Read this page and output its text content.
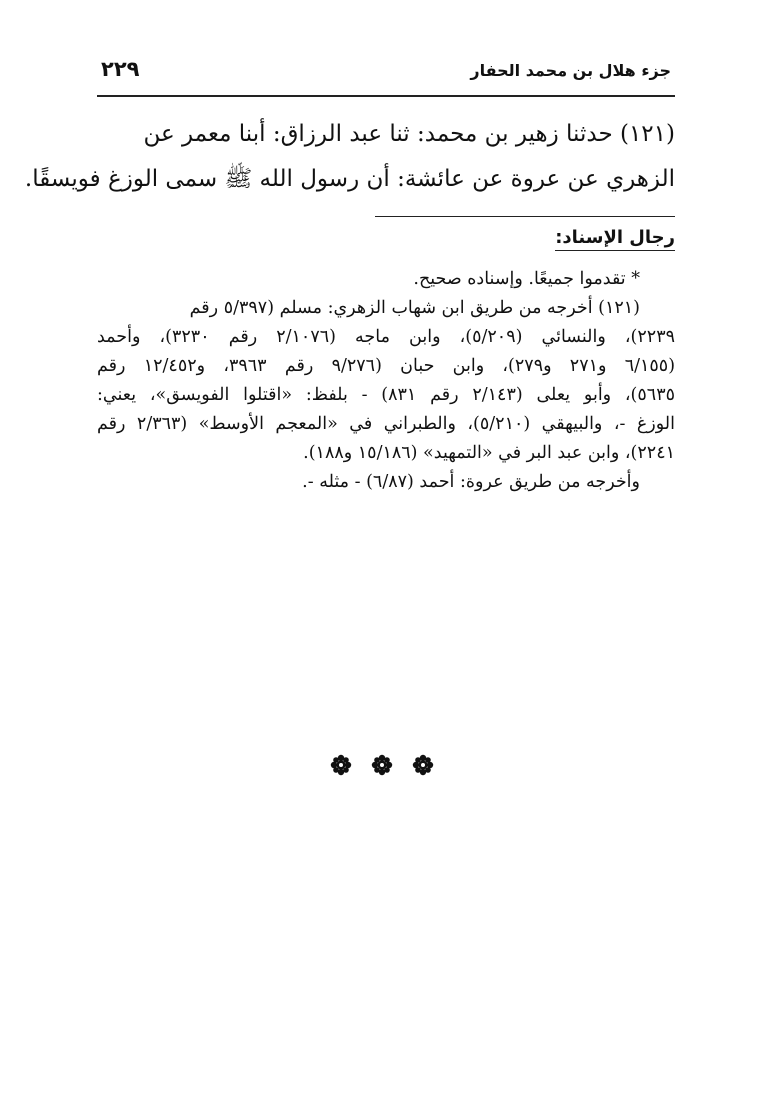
جزء هلال بن محمد الحفار
٢٢٩
(١٢١) حدثنا زهير بن محمد: ثنا عبد الرزاق: أبنا معمر عن
الزهري عن عروة عن عائشة: أن رسول الله ﷺ سمى الوزغ فويسقًا.
رجال الإسناد:
* تقدموا جميعًا. وإسناده صحيح.
(١٢١) أخرجه من طريق ابن شهاب الزهري: مسلم (٥/٣٩٧ رقم
٢٢٣٩)، والنسائي (٥/٢٠٩)، وابن ماجه (٢/١٠٧٦ رقم ٣٢٣٠)، وأحمد
(٦/١٥٥ و٢٧١ و٢٧٩)، وابن حبان (٩/٢٧٦ رقم ٣٩٦٣، و١٢/٤٥٢ رقم
٥٦٣٥)، وأبو يعلى (٢/١٤٣ رقم ٨٣١) - بلفظ: «اقتلوا الفويسق»، يعني:
الوزغ -، والبيهقي (٥/٢١٠)، والطبراني في «المعجم الأوسط» (٢/٣٦٣ رقم
٢٢٤١)، وابن عبد البر في «التمهيد» (١٥/١٨٦ و١٨٨).
وأخرجه من طريق عروة: أحمد (٦/٨٧) - مثله -.
